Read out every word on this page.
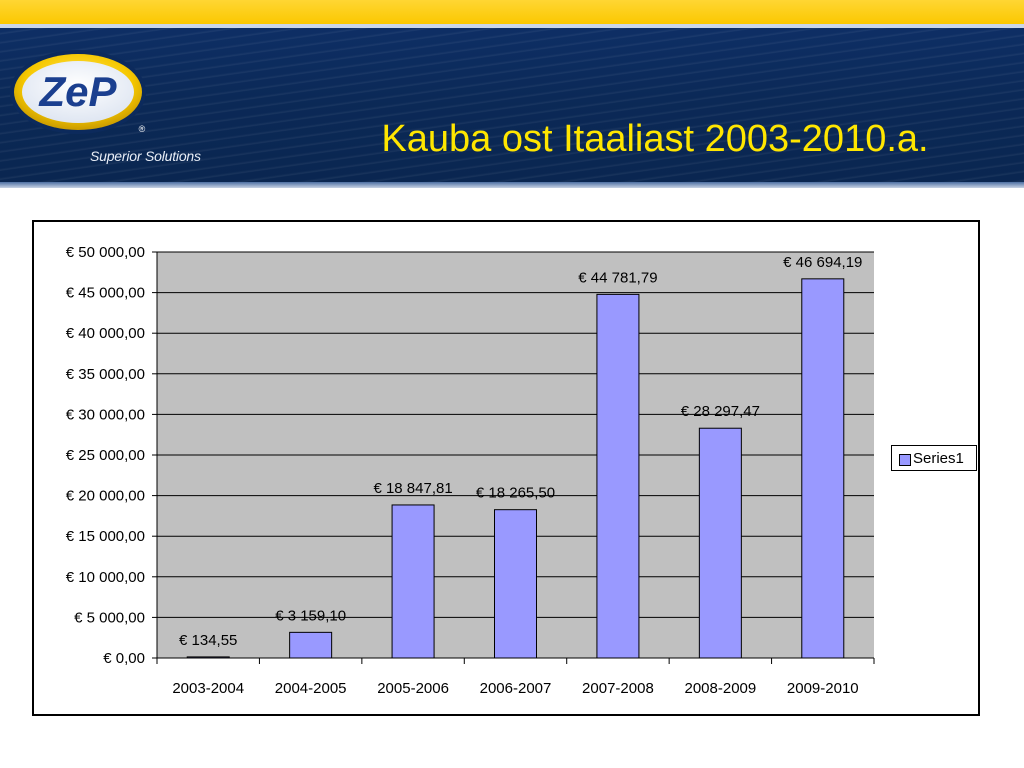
ZeP
®
Superior Solutions	Kauba ost Itaaliast 2003-2010.a.
€ 0,00
€ 5 000,00
€ 10 000,00
€ 15 000,00
€ 20 000,00
€ 25 000,00
€ 30 000,00
€ 35 000,00
€ 40 000,00
€ 45 000,00
€ 50 000,00
€ 134,55
2003-2004
€ 3 159,10
2004-2005
€ 18 847,81
2005-2006
€ 18 265,50
2006-2007
€ 44 781,79
2007-2008
€ 28 297,47
2008-2009
€ 46 694,19
2009-2010
Series1
